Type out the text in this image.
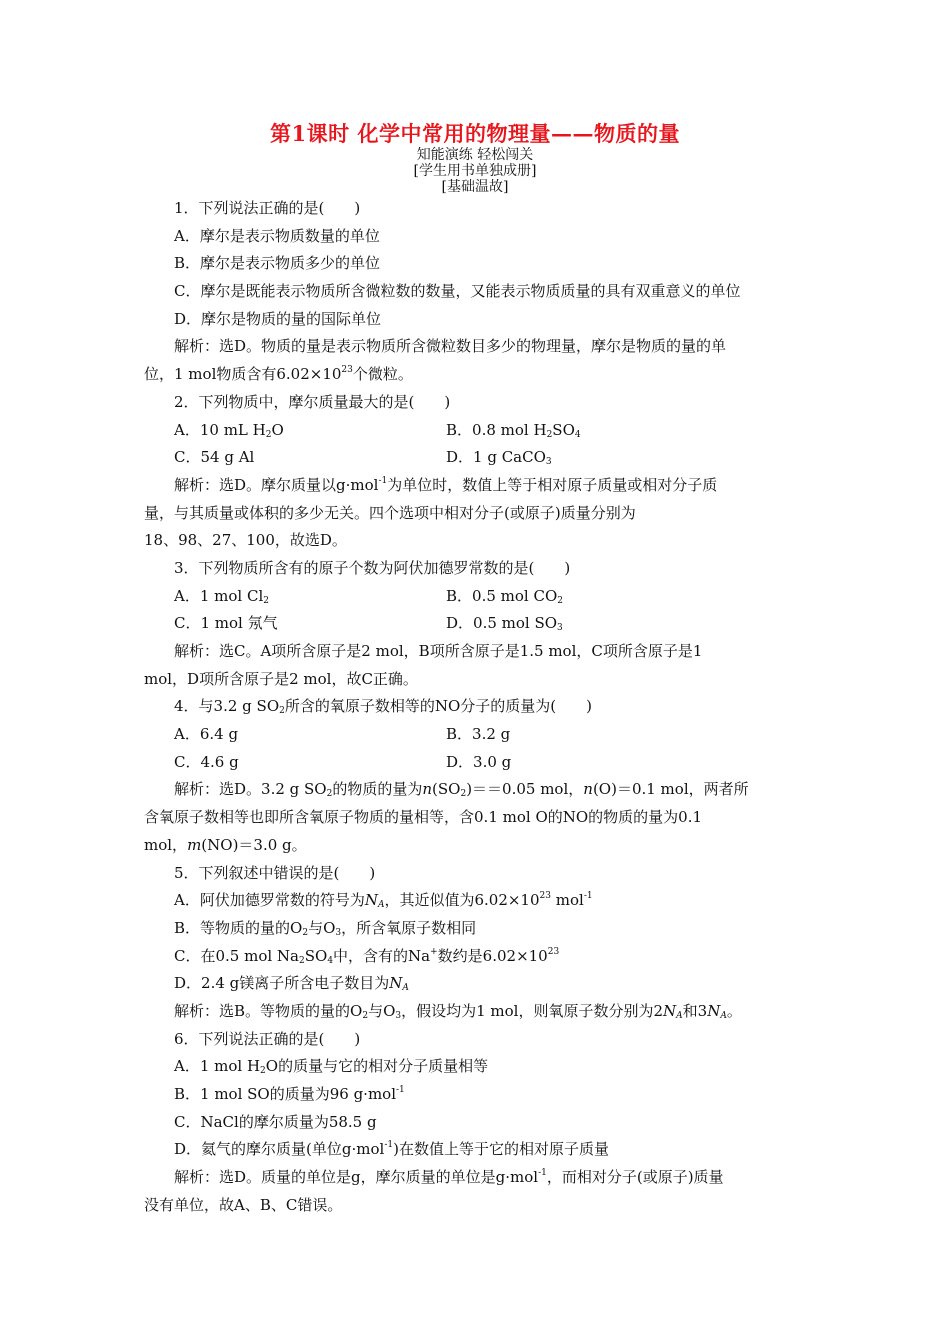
第1课时 化学中常用的物理量——物质的量
知能演练 轻松闯关
[学生用书单独成册]
[基础温故]
1．下列说法正确的是(　　)
A．摩尔是表示物质数量的单位
B．摩尔是表示物质多少的单位
C．摩尔是既能表示物质所含微粒数的数量，又能表示物质质量的具有双重意义的单位
D．摩尔是物质的量的国际单位
解析：选D。物质的量是表示物质所含微粒数目多少的物理量，摩尔是物质的量的单
位，1 mol物质含有$6.02\times 10^{23}$个微粒。
2．下列物质中，摩尔质量最大的是(　　)
A．10 mL $H_2O$	B．0.8 mol $H_2SO_4$
C．54 g Al	D．1 g CaCO$_3$
解析：选D。摩尔质量以g·mol$^{-1}$为单位时，数值上等于相对原子质量或相对分子质
量，与其质量或体积的多少无关。四个选项中相对分子(或原子)质量分别为
18、98、27、100，故选D。
3．下列物质所含有的原子个数为阿伏加德罗常数的是(　　)
A．1 mol $Cl_2$	B．0.5 mol $CO_2$
C．1 mol 氖气	D．0.5 mol $SO_3$
解析：选C。A项所含原子是2 mol，B项所含原子是1.5 mol，C项所含原子是1
mol，D项所含原子是2 mol，故C正确。
4．与3.2 g $SO_2$所含的氧原子数相等的NO分子的质量为(　　)
A．6.4 g	B．3.2 g
C．4.6 g	D．3.0 g
解析：选D。3.2 g $SO_2$的物质的量为$n(SO_2)==0.05$ mol，n(O)＝0.1 mol，两者所
含氧原子数相等也即所含氧原子物质的量相等，含0.1 mol O的NO的物质的量为0.1
mol，m(NO)＝3.0 g。
5．下列叙述中错误的是(　　)
A．阿伏加德罗常数的符号为$N_A$，其近似值为$6.02\times 10^{23}$ mol$^{-1}$
B．等物质的量的$O_2$与$O_3$，所含氧原子数相同
C．在0.5 mol $Na_2SO_4$中，含有的Na+数约是$6.02\times 10^{23}$
D．2.4 g镁离子所含电子数目为$N_A$
解析：选B。等物质的量的$O_2$与$O_3$，假设均为1 mol，则氧原子数分别为$2N_A$和$3N_A$。
6．下列说法正确的是(　　)
A．1 mol $H_2O$的质量与它的相对分子质量相等
B．1 mol SO的质量为96 g·mol$^{-1}$
C．NaCl的摩尔质量为58.5 g
D．氦气的摩尔质量(单位g·mol$^{-1}$)在数值上等于它的相对原子质量
解析：选D。质量的单位是g，摩尔质量的单位是g·mol$^{-1}$，而相对分子(或原子)质量
没有单位，故A、B、C错误。
